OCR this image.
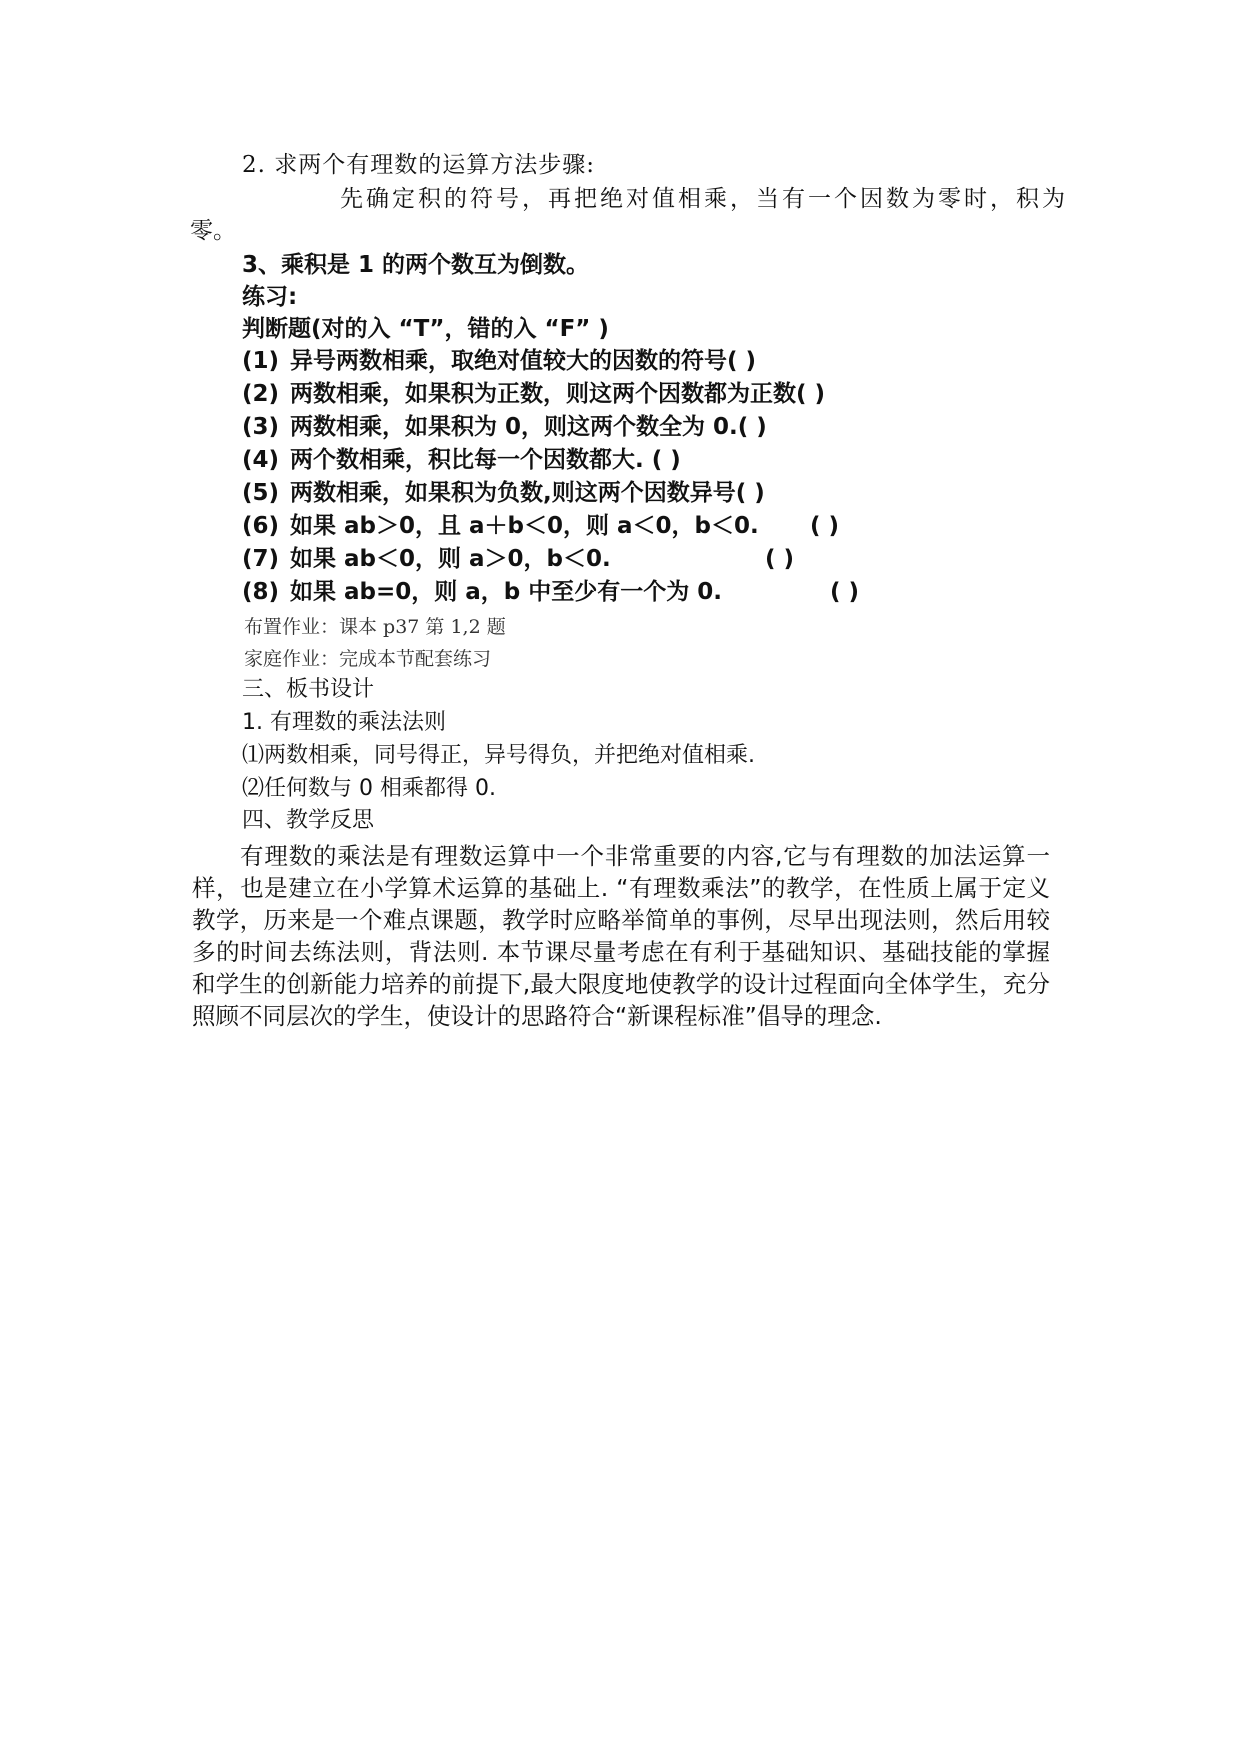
2. 求两个有理数的运算方法步骤:
先确定积的符号，再把绝对值相乘，当有一个因数为零时，积为
零。
3、乘积是 1 的两个数互为倒数。
练习:
判断题(对的入 “T”，错的入 “F” )
(1) 异号两数相乘，取绝对值较大的因数的符号( )
(2) 两数相乘，如果积为正数，则这两个因数都为正数( )
(3) 两数相乘，如果积为 0，则这两个数全为 0.( )
(4) 两个数相乘，积比每一个因数都大. ( )
(5) 两数相乘，如果积为负数,则这两个因数异号( )
(6) 如果 ab＞0，且 a＋b＜0，则 a＜0，b＜0. ( )
(7) 如果 ab＜0，则 a＞0，b＜0.	( )
(8) 如果 ab=0，则 a，b 中至少有一个为 0.	( )
布置作业：课本 p37 第 1,2 题
家庭作业：完成本节配套练习
三、板书设计
1. 有理数的乘法法则
⑴两数相乘，同号得正，异号得负，并把绝对值相乘.
⑵任何数与 0 相乘都得 0.
四、教学反思
有理数的乘法是有理数运算中一个非常重要的内容,它与有理数的加法运算一样，也是建立在小学算术运算的基础上. “有理数乘法”的教学，在性质上属于定义教学，历来是一个难点课题，教学时应略举简单的事例，尽早出现法则，然后用较多的时间去练法则，背法则. 本节课尽量考虑在有利于基础知识、基础技能的掌握和学生的创新能力培养的前提下,最大限度地使教学的设计过程面向全体学生，充分照顾不同层次的学生，使设计的思路符合“新课程标准”倡导的理念.
